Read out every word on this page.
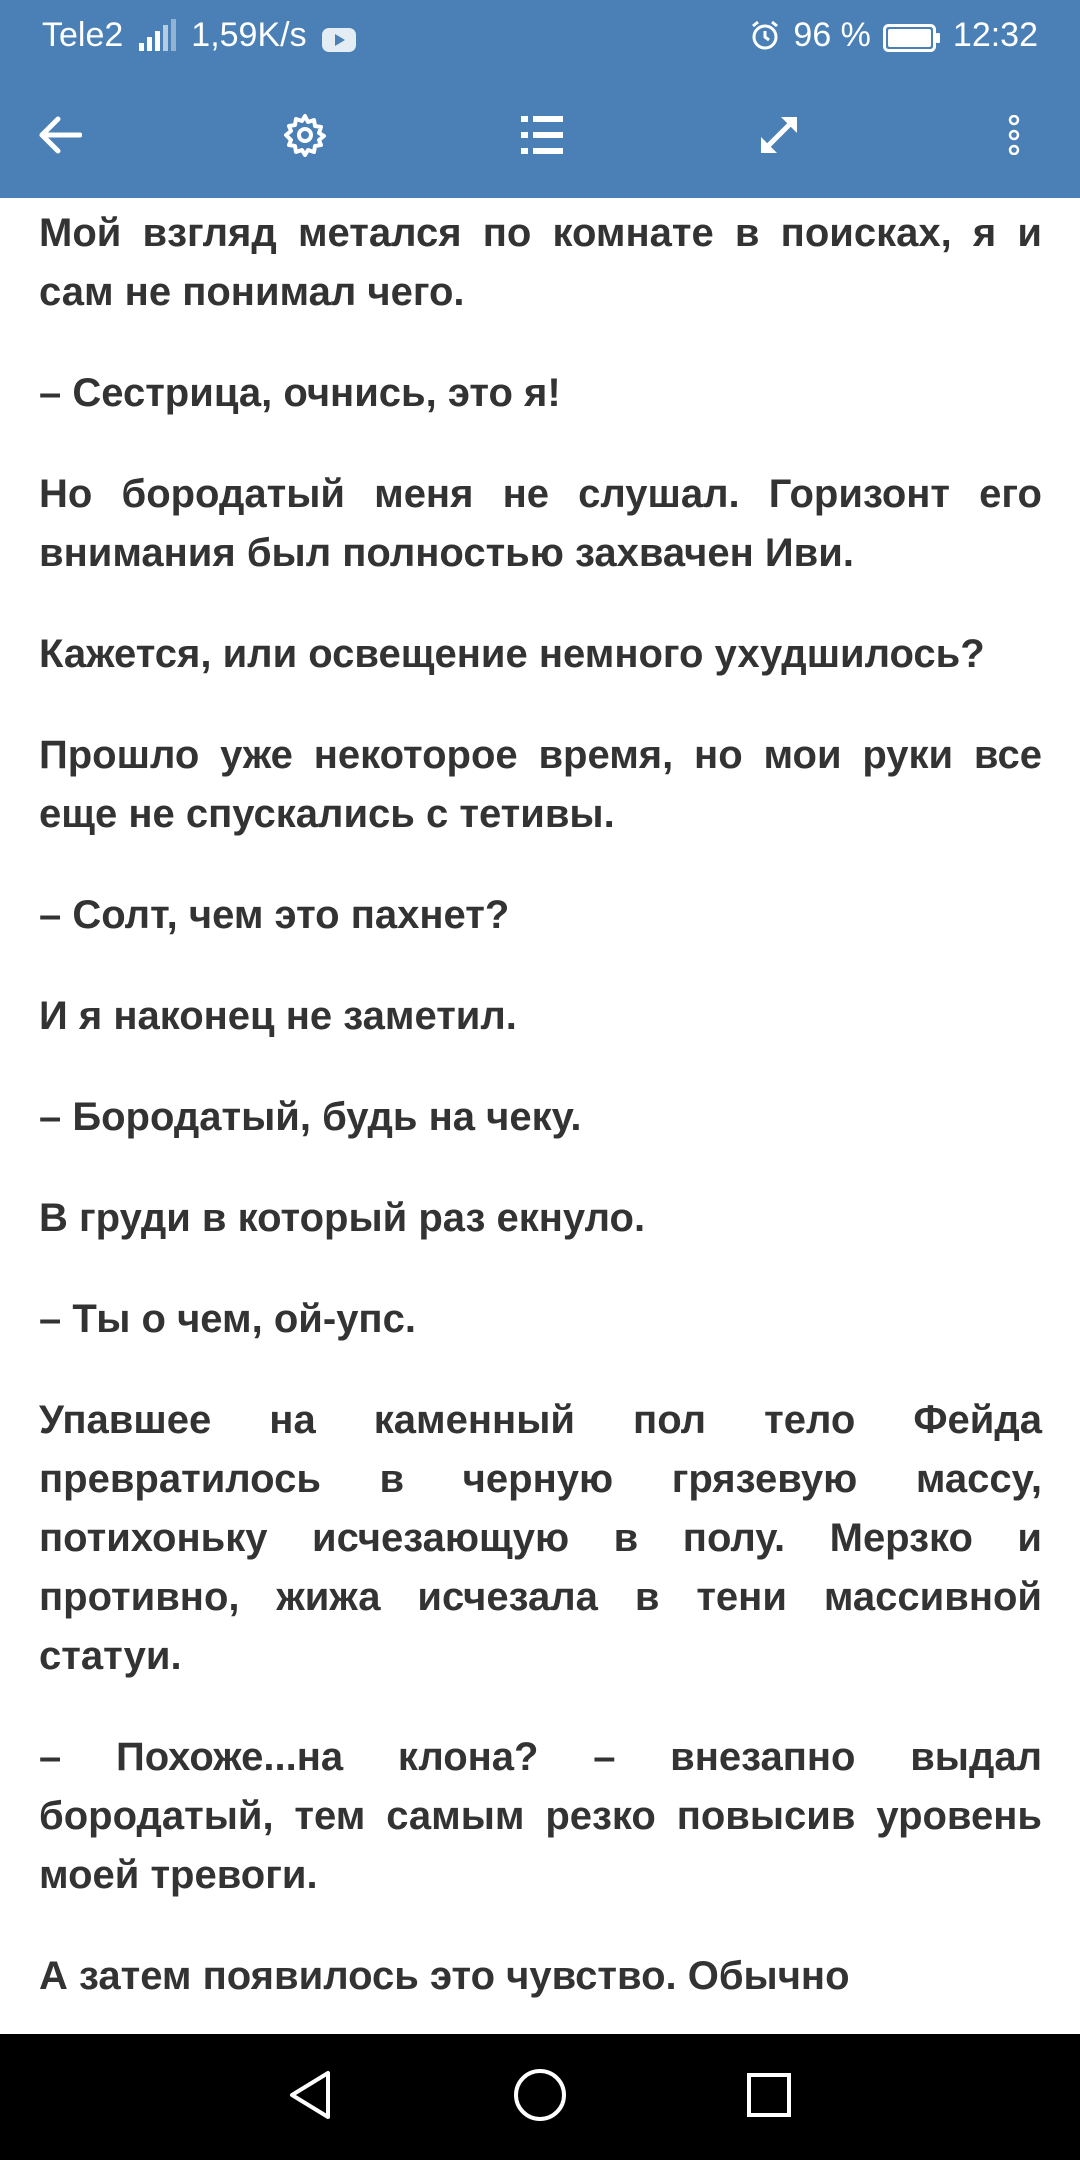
Tele2 1,59K/s	96 % 12:32

Мой взгляд метался по комнате в поисках, я и сам не понимал чего.

– Сестрица, очнись, это я!

Но бородатый меня не слушал. Горизонт его внимания был полностью захвачен Иви.

Кажется, или освещение немного ухудшилось?

Прошло уже некоторое время, но мои руки все еще не спускались с тетивы.

– Солт, чем это пахнет?

И я наконец не заметил.

– Бородатый, будь на чеку.

В груди в который раз екнуло.

– Ты о чем, ой-упс.

Упавшее на каменный пол тело Фейда превратилось в черную грязевую массу, потихоньку исчезающую в полу. Мерзко и противно, жижа исчезала в тени массивной статуи.

– Похоже...на клона? – внезапно выдал бородатый, тем самым резко повысив уровень моей тревоги.

А затем появилось это чувство. Обычно
